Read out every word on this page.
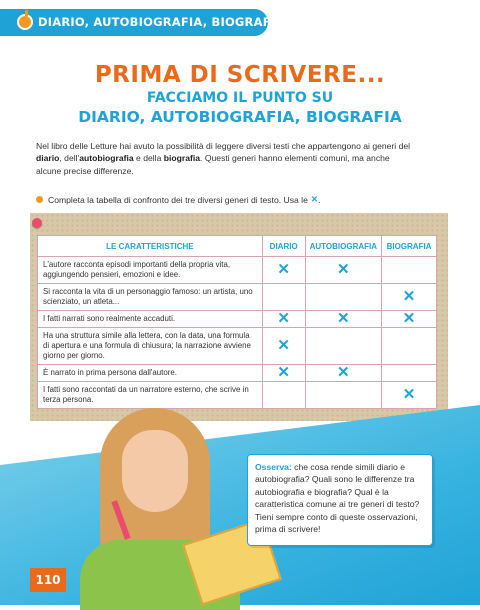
DIARIO, AUTOBIOGRAFIA, BIOGRAFIA
PRIMA DI SCRIVERE...
FACCIAMO IL PUNTO SU
DIARIO, AUTOBIOGRAFIA, BIOGRAFIA
Nel libro delle Letture hai avuto la possibilità di leggere diversi testi che appartengono ai generi del diario, dell'autobiografia e della biografia. Questi generi hanno elementi comuni, ma anche alcune precise differenze.
Completa la tabella di confronto dei tre diversi generi di testo. Usa le ✕ .
LE CARATTERISTICHE	DIARIO	AUTOBIOGRAFIA	BIOGRAFIA
L'autore racconta episodi importanti della propria vita, aggiungendo pensieri, emozioni e idee.	✕	✕	
Si racconta la vita di un personaggio famoso: un artista, uno scienziato, un atleta...			✕
I fatti narrati sono realmente accaduti.	✕	✕	✕
Ha una struttura simile alla lettera, con la data, una formula di apertura e una formula di chiusura; la narrazione avviene giorno per giorno.	✕		
È narrato in prima persona dall'autore.	✕	✕	
I fatti sono raccontati da un narratore esterno, che scrive in terza persona.			✕
Osserva: che cosa rende simili diario e autobiografia? Quali sono le differenze tra autobiografia e biografia? Qual è la caratteristica comune ai tre generi di testo? Tieni sempre conto di queste osservazioni, prima di scrivere!
110
